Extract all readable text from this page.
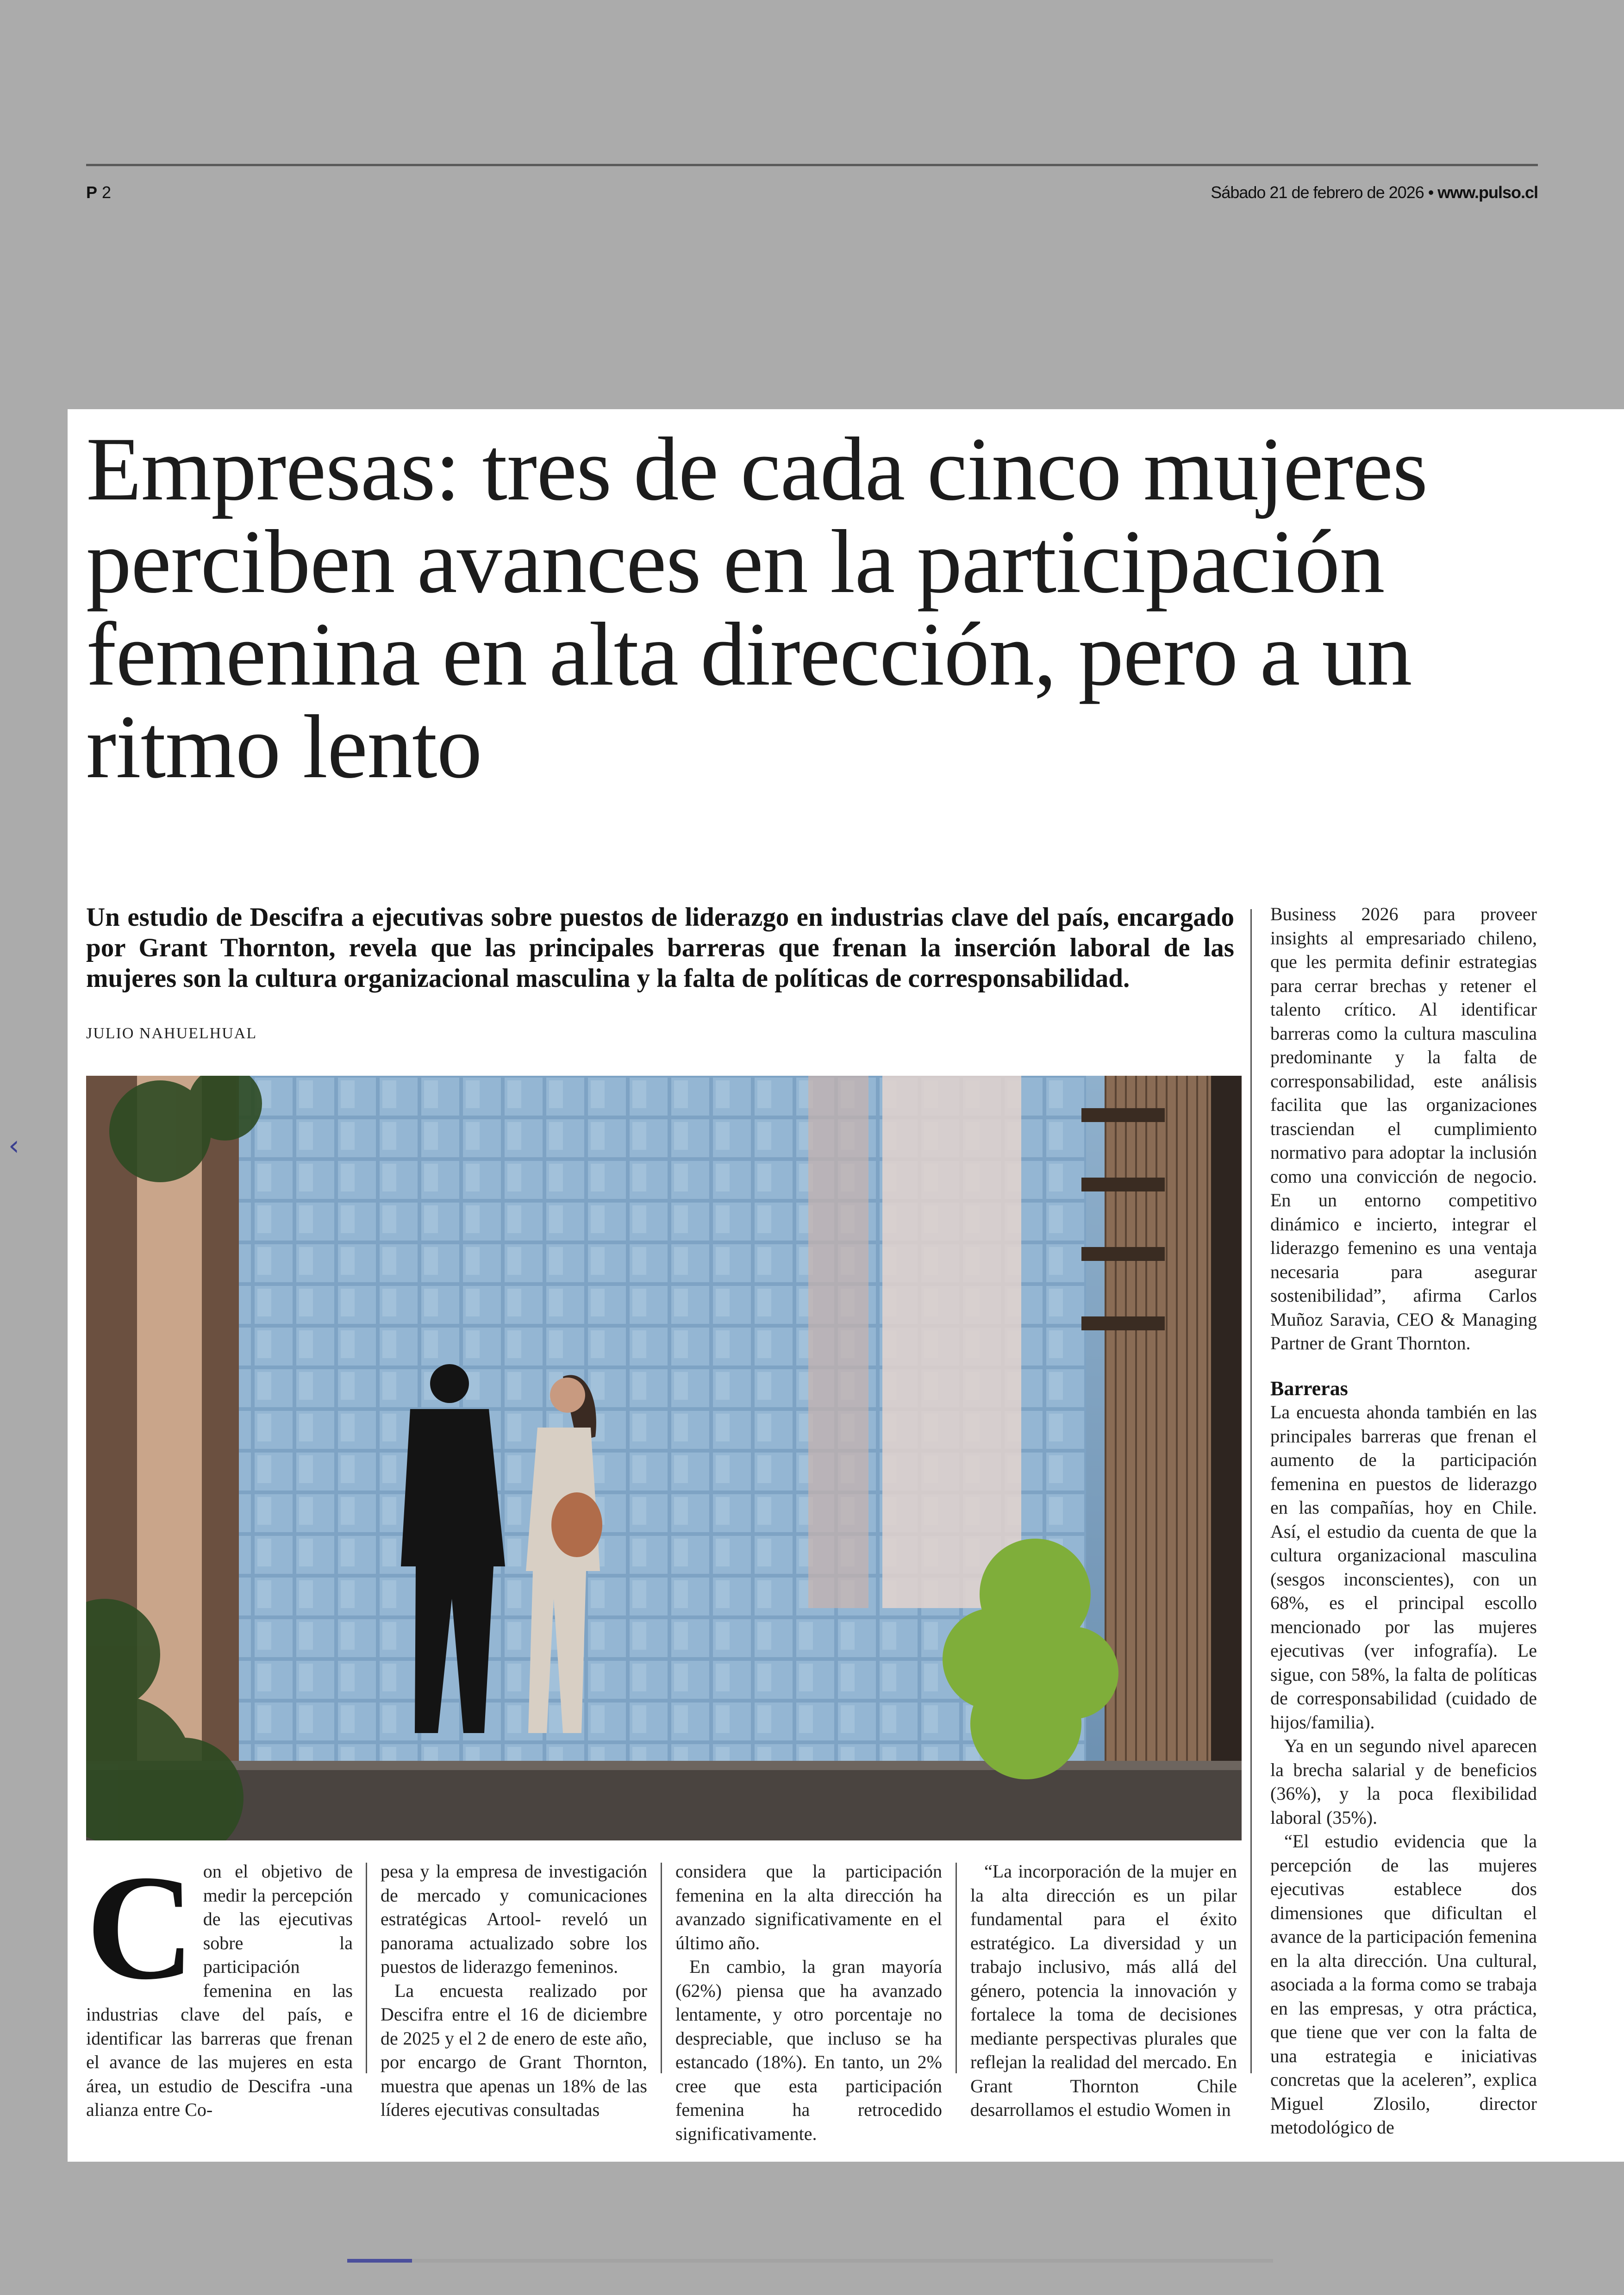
P 2	Sábado 21 de febrero de 2026 • www.pulso.cl
‹
Empresas: tres de cada cinco mujeres perciben avances en la participación femenina en alta dirección, pero a un ritmo lento

Un estudio de Descifra a ejecutivas sobre puestos de liderazgo en industrias clave del país, encargado por Grant Thornton, revela que las principales barreras que frenan la inserción laboral de las mujeres son la cultura organizacional masculina y la falta de políticas de corresponsabilidad.

JULIO NAHUELHUAL
C on el objetivo de medir la percepción de las ejecutivas sobre la participación femenina en las industrias clave del país, e identificar las barreras que frenan el avance de las mujeres en esta área, un estudio de Descifra -una alianza entre Co-

pesa y la empresa de investigación de mercado y comunicaciones estratégicas Artool- reveló un panorama actualizado sobre los puestos de liderazgo femeninos.

La encuesta realizado por Descifra entre el 16 de diciembre de 2025 y el 2 de enero de este año, por encargo de Grant Thornton, muestra que apenas un 18% de las líderes ejecutivas consultadas

considera que la participación femenina en la alta dirección ha avanzado significativamente en el último año.

En cambio, la gran mayoría (62%) piensa que ha avanzado lentamente, y otro porcentaje no despreciable, que incluso se ha estancado (18%). En tanto, un 2% cree que esta participación femenina ha retrocedido significativamente.

“La incorporación de la mujer en la alta dirección es un pilar fundamental para el éxito estratégico. La diversidad y un trabajo inclusivo, más allá del género, potencia la innovación y fortalece la toma de decisiones mediante perspectivas plurales que reflejan la realidad del mercado. En Grant Thornton Chile desarrollamos el estudio Women in

Business 2026 para proveer insights al empresariado chileno, que les permita definir estrategias para cerrar brechas y retener el talento crítico. Al identificar barreras como la cultura masculina predominante y la falta de corresponsabilidad, este análisis facilita que las organizaciones trasciendan el cumplimiento normativo para adoptar la inclusión como una convicción de negocio. En un entorno competitivo dinámico e incierto, integrar el liderazgo femenino es una ventaja necesaria para asegurar sostenibilidad”, afirma Carlos Muñoz Saravia, CEO & Managing Partner de Grant Thornton.

Barreras

La encuesta ahonda también en las principales barreras que frenan el aumento de la participación femenina en puestos de liderazgo en las compañías, hoy en Chile. Así, el estudio da cuenta de que la cultura organizacional masculina (sesgos inconscientes), con un 68%, es el principal escollo mencionado por las mujeres ejecutivas (ver infografía). Le sigue, con 58%, la falta de políticas de corresponsabilidad (cuidado de hijos/familia).

Ya en un segundo nivel aparecen la brecha salarial y de beneficios (36%), y la poca flexibilidad laboral (35%).

“El estudio evidencia que la percepción de las mujeres ejecutivas establece dos dimensiones que dificultan el avance de la participación femenina en la alta dirección. Una cultural, asociada a la forma como se trabaja en las empresas, y otra práctica, que tiene que ver con la falta de una estrategia e iniciativas concretas que la aceleren”, explica Miguel Zlosilo, director metodológico de
